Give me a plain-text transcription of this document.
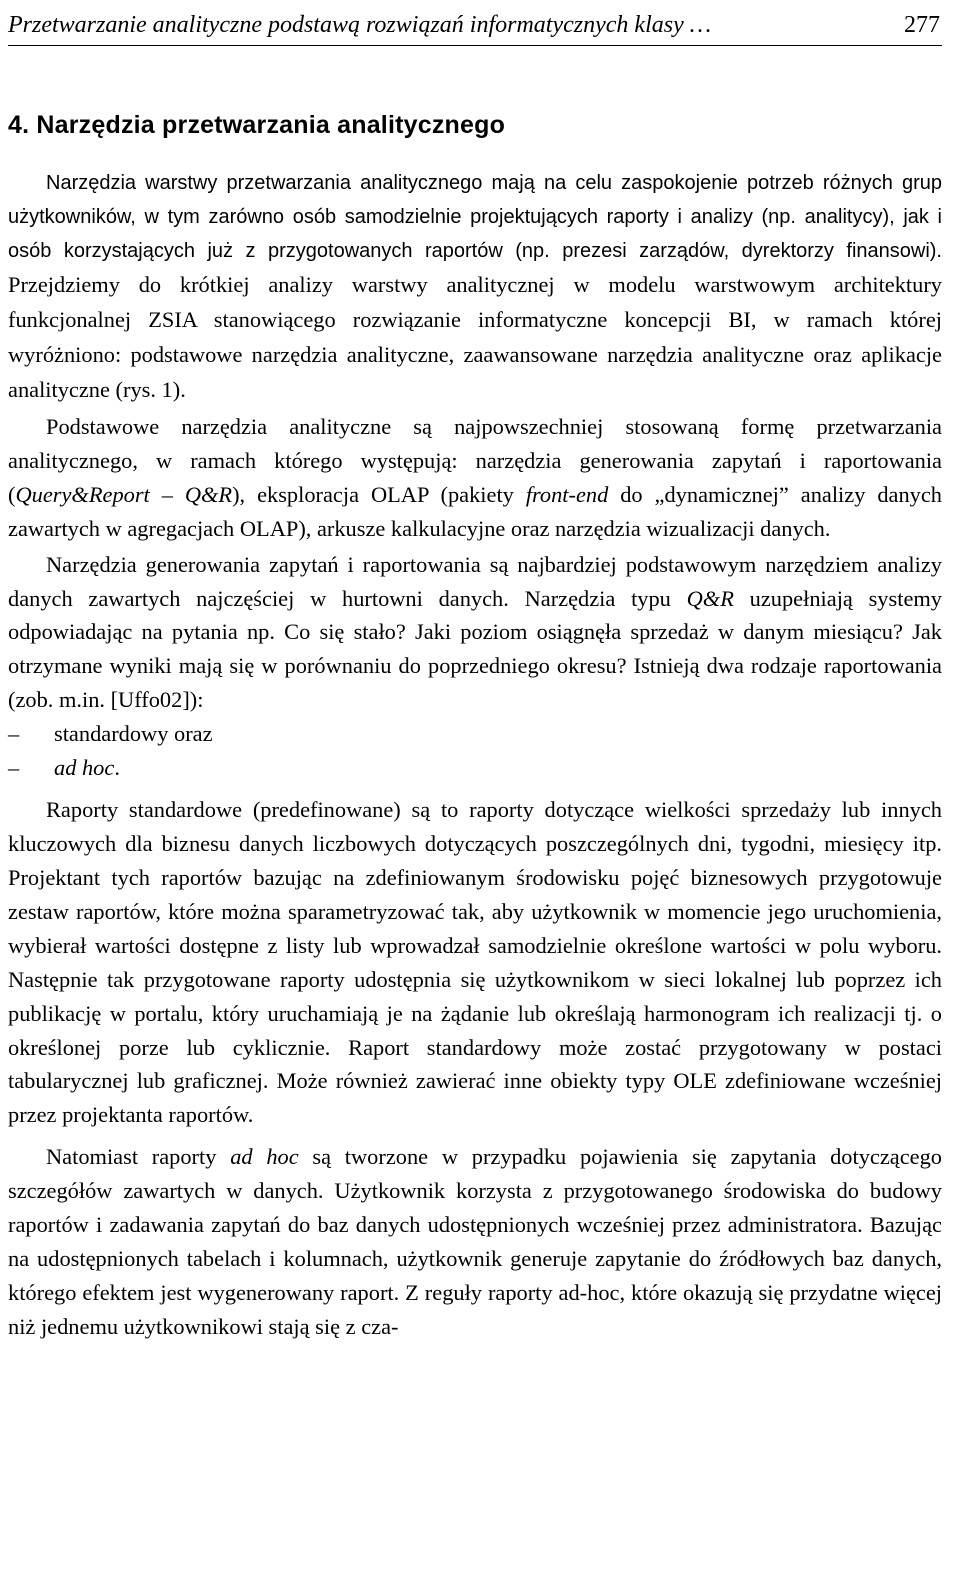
Przetwarzanie analityczne podstawą rozwiązań informatycznych klasy …	277
4. Narzędzia przetwarzania analitycznego

Narzędzia warstwy przetwarzania analitycznego mają na celu zaspokojenie potrzeb różnych grup użytkowników, w tym zarówno osób samodzielnie projektujących raporty i analizy (np. analitycy), jak i osób korzystających już z przygotowanych raportów (np. prezesi zarządów, dyrektorzy finansowi). Przejdziemy do krótkiej analizy warstwy analitycznej w modelu warstwowym architektury funkcjonalnej ZSIA stanowiącego rozwiązanie informatyczne koncepcji BI, w ramach której wyróżniono: podstawowe narzędzia analityczne, zaawansowane narzędzia analityczne oraz aplikacje analityczne (rys. 1).

Podstawowe narzędzia analityczne są najpowszechniej stosowaną formę przetwarzania analitycznego, w ramach którego występują: narzędzia generowania zapytań i raportowania (Query&Report – Q&R), eksploracja OLAP (pakiety front-end do „dynamicznej” analizy danych zawartych w agregacjach OLAP), arkusze kalkulacyjne oraz narzędzia wizualizacji danych.

Narzędzia generowania zapytań i raportowania są najbardziej podstawowym narzędziem analizy danych zawartych najczęściej w hurtowni danych. Narzędzia typu Q&R uzupełniają systemy odpowiadając na pytania np. Co się stało? Jaki poziom osiągnęła sprzedaż w danym miesiącu? Jak otrzymane wyniki mają się w porównaniu do poprzedniego okresu? Istnieją dwa rodzaje raportowania (zob. m.in. [Uffo02]):

– standardowy oraz
– ad hoc.

Raporty standardowe (predefinowane) są to raporty dotyczące wielkości sprzedaży lub innych kluczowych dla biznesu danych liczbowych dotyczących poszczególnych dni, tygodni, miesięcy itp. Projektant tych raportów bazując na zdefiniowanym środowisku pojęć biznesowych przygotowuje zestaw raportów, które można sparametryzować tak, aby użytkownik w momencie jego uruchomienia, wybierał wartości dostępne z listy lub wprowadzał samodzielnie określone wartości w polu wyboru. Następnie tak przygotowane raporty udostępnia się użytkownikom w sieci lokalnej lub poprzez ich publikację w portalu, który uruchamiają je na żądanie lub określają harmonogram ich realizacji tj. o określonej porze lub cyklicznie. Raport standardowy może zostać przygotowany w postaci tabularycznej lub graficznej. Może również zawierać inne obiekty typy OLE zdefiniowane wcześniej przez projektanta raportów.

Natomiast raporty ad hoc są tworzone w przypadku pojawienia się zapytania dotyczącego szczegółów zawartych w danych. Użytkownik korzysta z przygotowanego środowiska do budowy raportów i zadawania zapytań do baz danych udostępnionych wcześniej przez administratora. Bazując na udostępnionych tabelach i kolumnach, użytkownik generuje zapytanie do źródłowych baz danych, którego efektem jest wygenerowany raport. Z reguły raporty ad-hoc, które okazują się przydatne więcej niż jednemu użytkownikowi stają się z cza-
